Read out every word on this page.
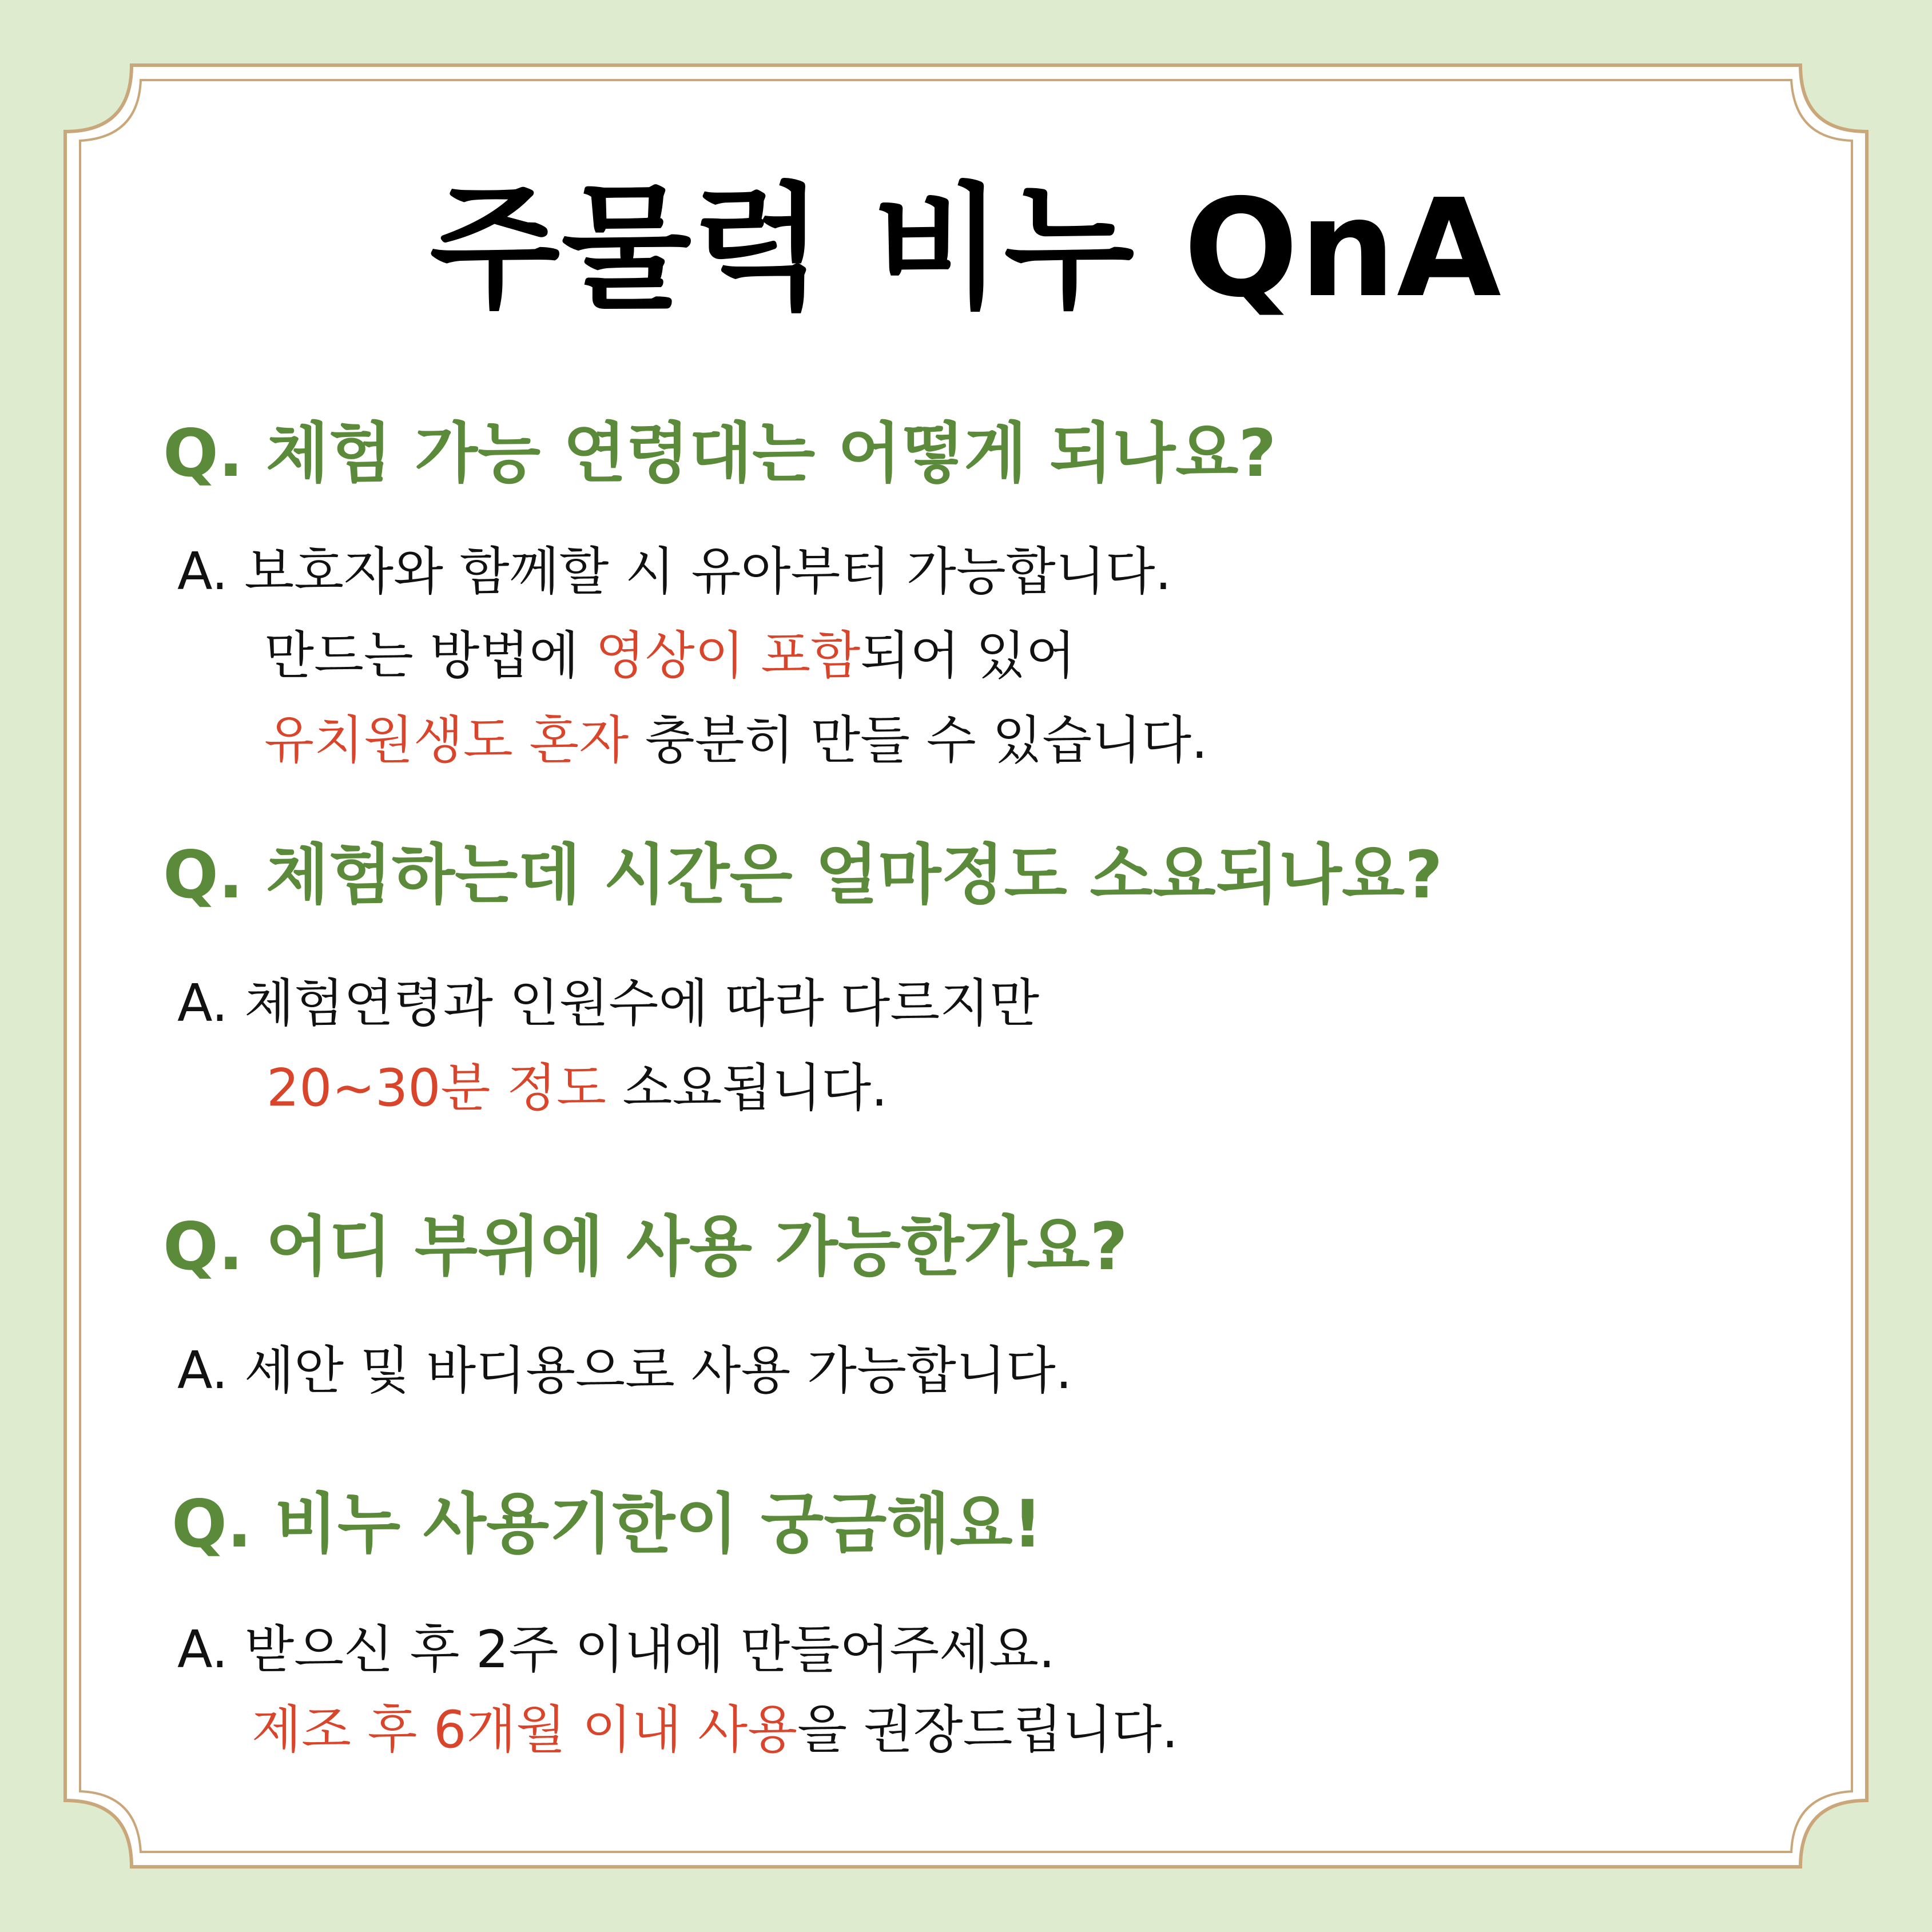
주물럭 비누 QnA
Q. 체험 가능 연령대는 어떻게 되나요?
A. 보호자와 함께할 시 유아부터 가능합니다.
만드는 방법에 영상이 포함되어 있어
유치원생도 혼자 충분히 만들 수 있습니다.
Q. 체험하는데 시간은 얼마정도 소요되나요?
A. 체험연령과 인원수에 따라 다르지만
20~30분 정도 소요됩니다.
Q. 어디 부위에 사용 가능한가요?
A. 세안 및 바디용으로 사용 가능합니다.
Q. 비누 사용기한이 궁금해요!
A. 받으신 후 2주 이내에 만들어주세요.
제조 후 6개월 이내 사용을 권장드립니다.
